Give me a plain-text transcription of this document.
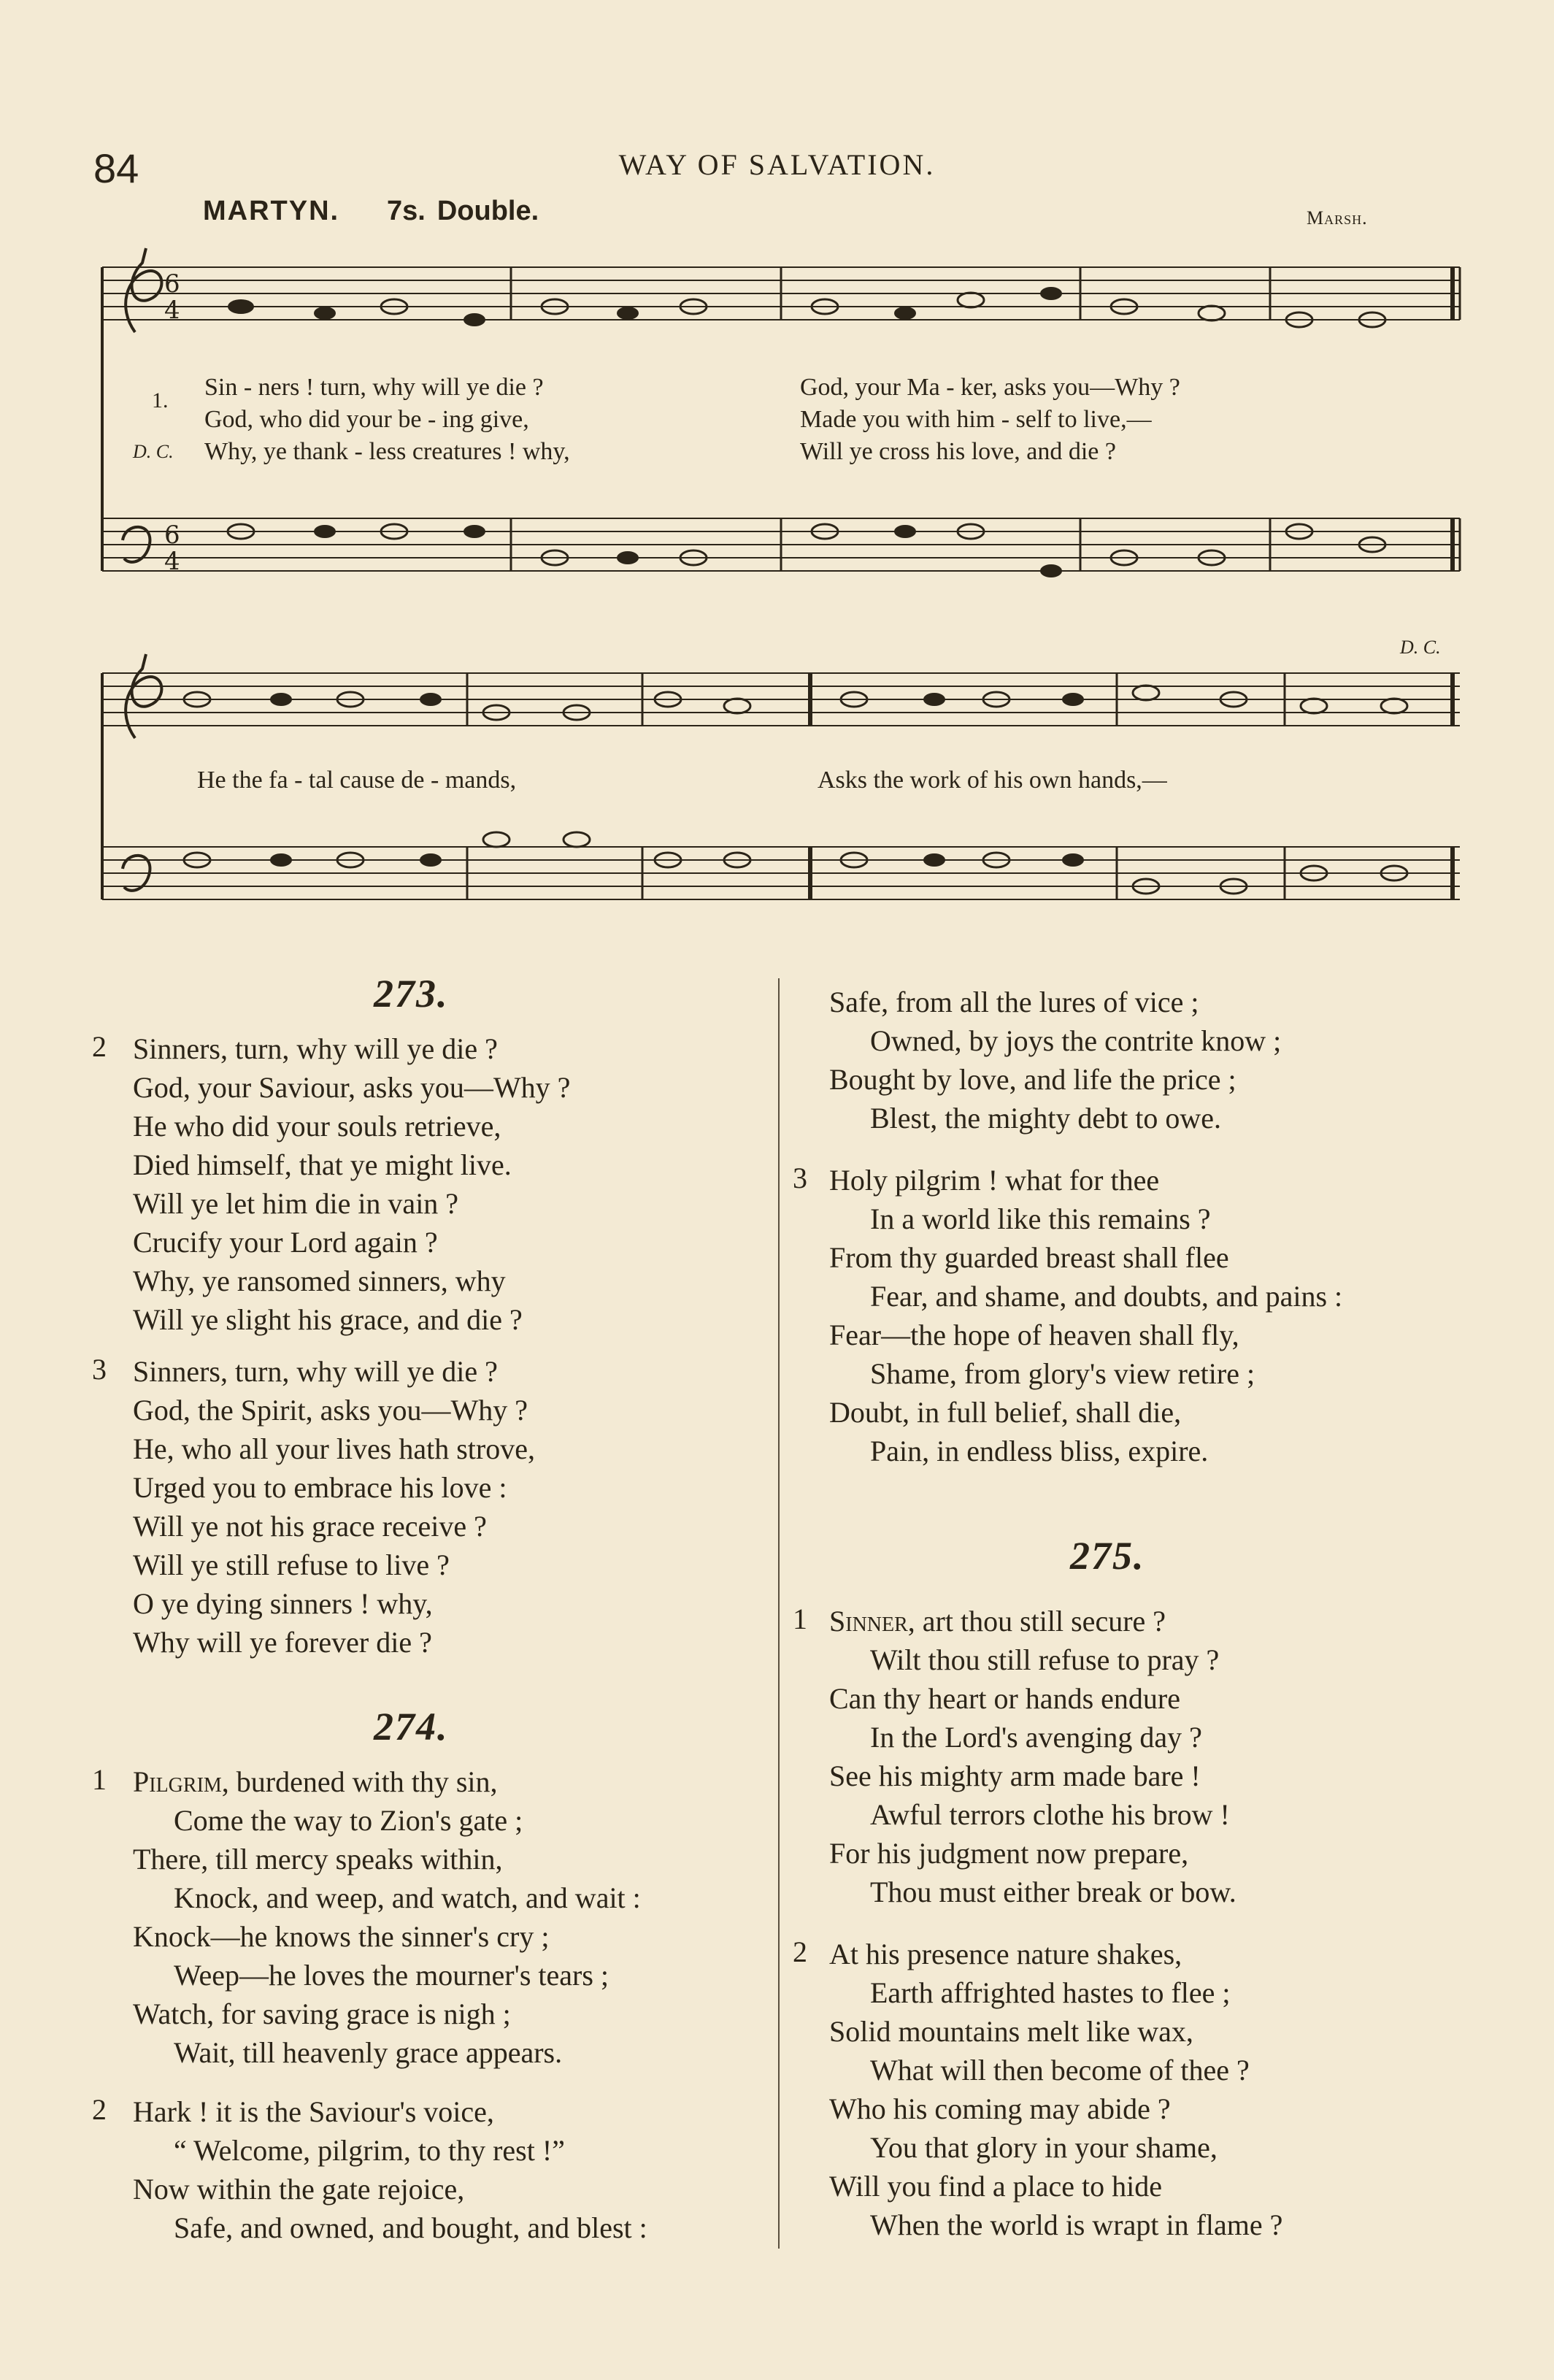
84	WAY OF SALVATION.
MARTYN. 7s. Double.	Marsh.
6
4
6
4
1.
D. C.
Sin - ners ! turn, why will ye die ?
God, who did your be - ing give,
Why, ye thank - less creatures ! why,
God, your Ma - ker, asks you—Why ?
Made you with him - self to live,—
Will ye cross his love, and die ?
D. C.
He the fa - tal cause de - mands,	Asks the work of his own hands,—
273.
2 Sinners, turn, why will ye die ?
God, your Saviour, asks you—Why ?
He who did your souls retrieve,
Died himself, that ye might live.
Will ye let him die in vain ?
Crucify your Lord again ?
Why, ye ransomed sinners, why
Will ye slight his grace, and die ?
3 Sinners, turn, why will ye die ?
God, the Spirit, asks you—Why ?
He, who all your lives hath strove,
Urged you to embrace his love :
Will ye not his grace receive ?
Will ye still refuse to live ?
O ye dying sinners ! why,
Why will ye forever die ?
274.
1 Pilgrim, burdened with thy sin,
Come the way to Zion's gate ;
There, till mercy speaks within,
Knock, and weep, and watch, and wait :
Knock—he knows the sinner's cry ;
Weep—he loves the mourner's tears ;
Watch, for saving grace is nigh ;
Wait, till heavenly grace appears.
2 Hark ! it is the Saviour's voice,
“ Welcome, pilgrim, to thy rest !”
Now within the gate rejoice,
Safe, and owned, and bought, and blest :
Safe, from all the lures of vice ;
Owned, by joys the contrite know ;
Bought by love, and life the price ;
Blest, the mighty debt to owe.
3 Holy pilgrim ! what for thee
In a world like this remains ?
From thy guarded breast shall flee
Fear, and shame, and doubts, and pains :
Fear—the hope of heaven shall fly,
Shame, from glory's view retire ;
Doubt, in full belief, shall die,
Pain, in endless bliss, expire.
275.
1 Sinner, art thou still secure ?
Wilt thou still refuse to pray ?
Can thy heart or hands endure
In the Lord's avenging day ?
See his mighty arm made bare !
Awful terrors clothe his brow !
For his judgment now prepare,
Thou must either break or bow.
2 At his presence nature shakes,
Earth affrighted hastes to flee ;
Solid mountains melt like wax,
What will then become of thee ?
Who his coming may abide ?
You that glory in your shame,
Will you find a place to hide
When the world is wrapt in flame ?
